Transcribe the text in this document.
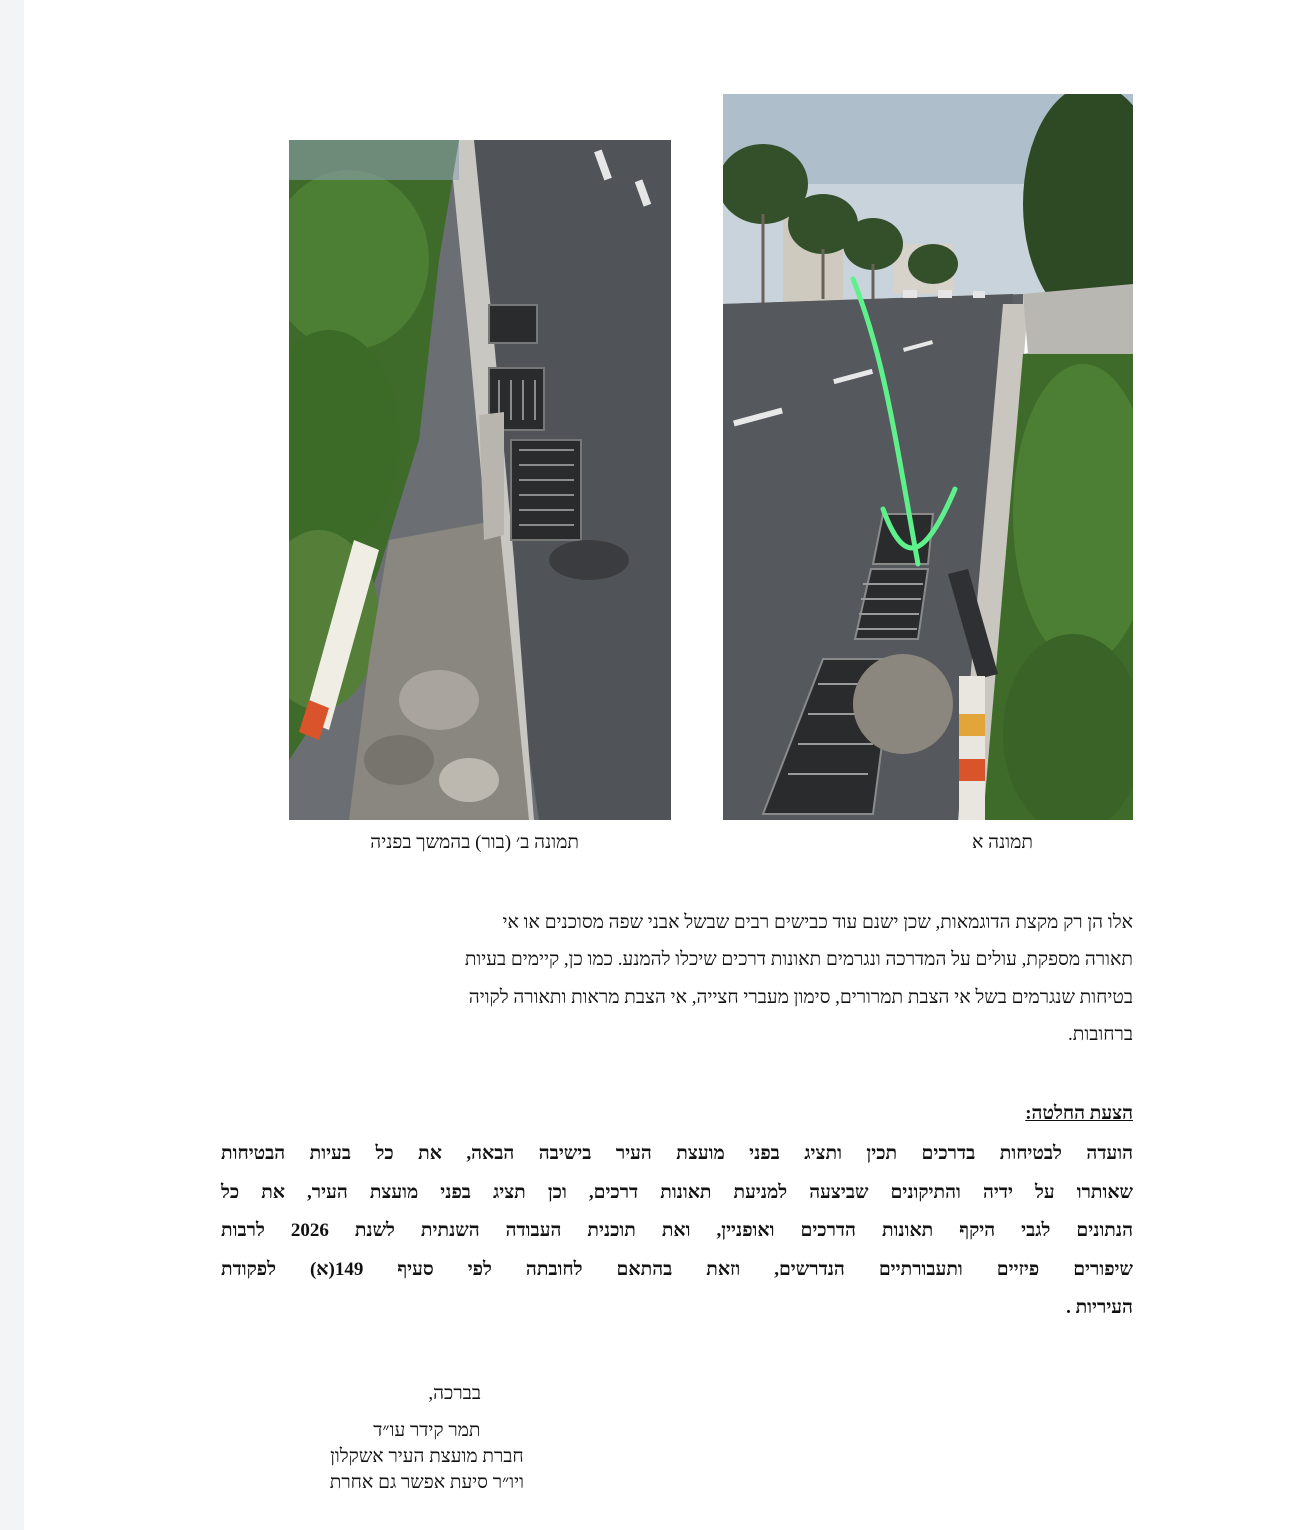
תמונה ב׳ (בור) בהמשך בפניה	תמונה א
אלו הן רק מקצת הדוגמאות, שכן ישנם עוד כבישים רבים שבשל אבני שפה מסוכנים או אי
תאורה מספקת, עולים על המדרכה ונגרמים תאונות דרכים שיכלו להמנע. כמו כן, קיימים בעיות
בטיחות שנגרמים בשל אי הצבת תמרורים, סימון מעברי חצייה, אי הצבת מראות ותאורה לקויה
ברחובות.
הצעת החלטה:
הועדה לבטיחות בדרכים תכין ותציג בפני מועצת העיר בישיבה הבאה, את כל בעיות הבטיחות
שאותרו על ידיה והתיקונים שביצעה למניעת תאונות דרכים, וכן תציג בפני מועצת העיר, את כל
הנתונים לגבי היקף תאונות הדרכים ואופניין, ואת תוכנית העבודה השנתית לשנת 2026 לרבות
שיפורים פיזיים ותעבורתיים הנדרשים, וזאת בהתאם לחובתה לפי סעיף 149(א) לפקודת
העיריות .
בברכה,
תמר קידר עו״ד
חברת מועצת העיר אשקלון
ויו״ר סיעת אפשר גם אחרת
